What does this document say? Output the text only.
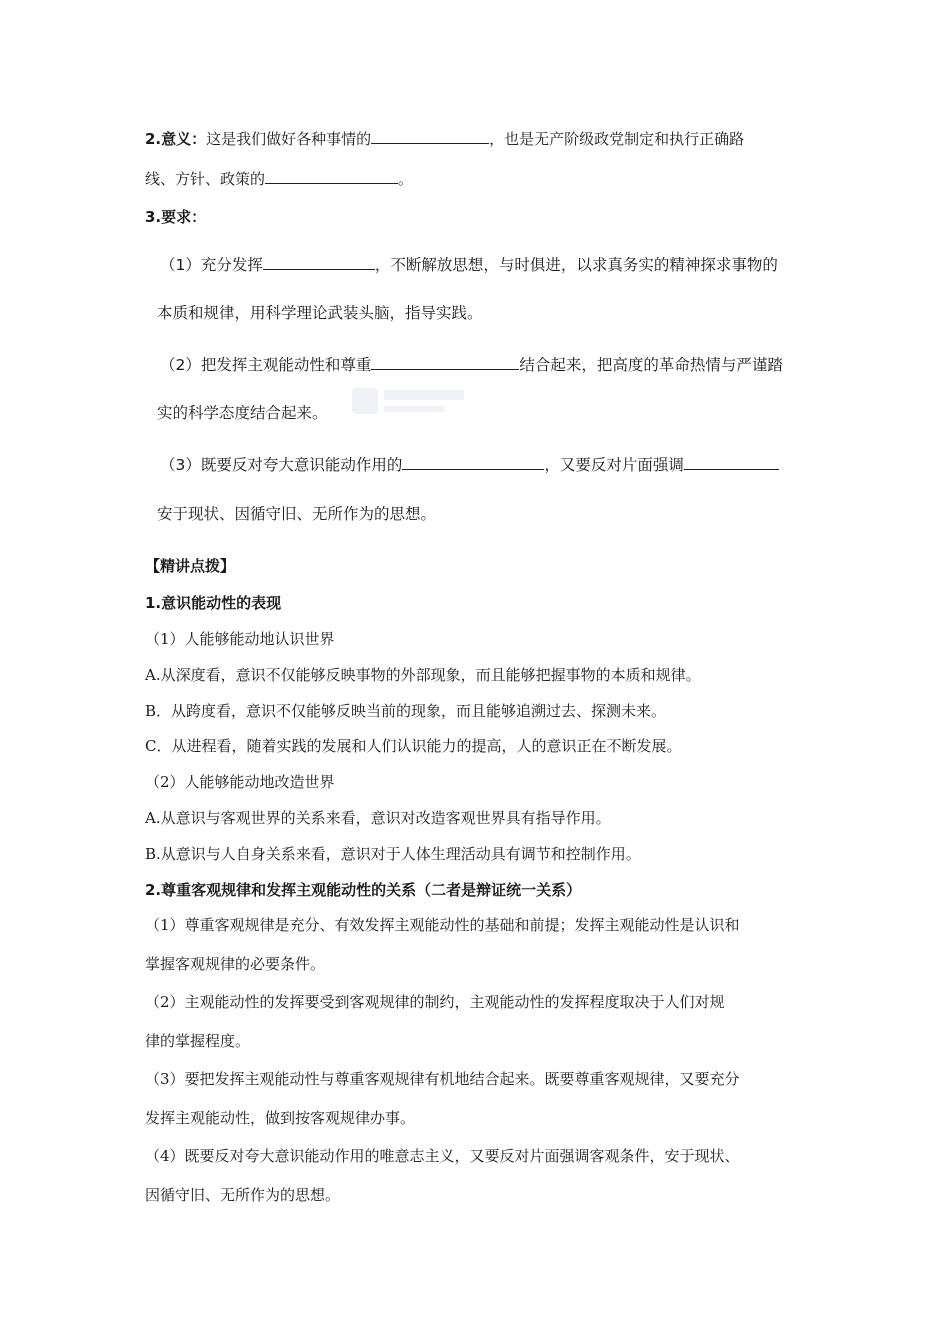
2.意义：这是我们做好各种事情的	，也是无产阶级政党制定和执行正确路
线、方针、政策的	。
3.要求：
（1）充分发挥	，不断解放思想，与时俱进，以求真务实的精神探求事物的
本质和规律，用科学理论武装头脑，指导实践。
（2）把发挥主观能动性和尊重	结合起来，把高度的革命热情与严谨踏
实的科学态度结合起来。
（3）既要反对夸大意识能动作用的	，又要反对片面强调
安于现状、因循守旧、无所作为的思想。
【精讲点拨】
1.意识能动性的表现
（1）人能够能动地认识世界
A.从深度看，意识不仅能够反映事物的外部现象，而且能够把握事物的本质和规律。
B．从跨度看，意识不仅能够反映当前的现象，而且能够追溯过去、探测未来。
C．从进程看，随着实践的发展和人们认识能力的提高，人的意识正在不断发展。
（2）人能够能动地改造世界
A.从意识与客观世界的关系来看，意识对改造客观世界具有指导作用。
B.从意识与人自身关系来看，意识对于人体生理活动具有调节和控制作用。
2.尊重客观规律和发挥主观能动性的关系（二者是辩证统一关系）
（1）尊重客观规律是充分、有效发挥主观能动性的基础和前提；发挥主观能动性是认识和
掌握客观规律的必要条件。
（2）主观能动性的发挥要受到客观规律的制约，主观能动性的发挥程度取决于人们对规
律的掌握程度。
（3）要把发挥主观能动性与尊重客观规律有机地结合起来。既要尊重客观规律，又要充分
发挥主观能动性，做到按客观规律办事。
（4）既要反对夸大意识能动作用的唯意志主义，又要反对片面强调客观条件，安于现状、
因循守旧、无所作为的思想。
